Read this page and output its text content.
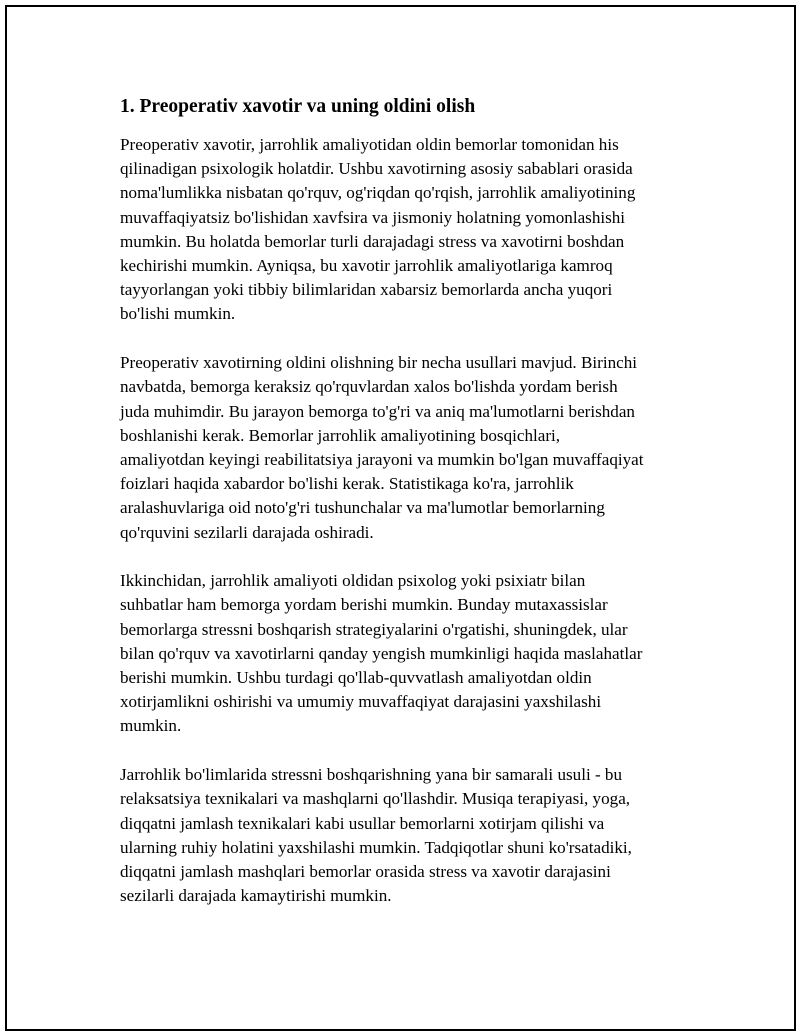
1. Preoperativ xavotir va uning oldini olish
Preoperativ xavotir, jarrohlik amaliyotidan oldin bemorlar tomonidan his
qilinadigan psixologik holatdir. Ushbu xavotirning asosiy sabablari orasida
noma'lumlikka nisbatan qo'rquv, og'riqdan qo'rqish, jarrohlik amaliyotining
muvaffaqiyatsiz bo'lishidan xavfsira va jismoniy holatning yomonlashishi
mumkin. Bu holatda bemorlar turli darajadagi stress va xavotirni boshdan
kechirishi mumkin. Ayniqsa, bu xavotir jarrohlik amaliyotlariga kamroq
tayyorlangan yoki tibbiy bilimlaridan xabarsiz bemorlarda ancha yuqori
bo'lishi mumkin.
Preoperativ xavotirning oldini olishning bir necha usullari mavjud. Birinchi
navbatda, bemorga keraksiz qo'rquvlardan xalos bo'lishda yordam berish
juda muhimdir. Bu jarayon bemorga to'g'ri va aniq ma'lumotlarni berishdan
boshlanishi kerak. Bemorlar jarrohlik amaliyotining bosqichlari,
amaliyotdan keyingi reabilitatsiya jarayoni va mumkin bo'lgan muvaffaqiyat
foizlari haqida xabardor bo'lishi kerak. Statistikaga ko'ra, jarrohlik
aralashuvlariga oid noto'g'ri tushunchalar va ma'lumotlar bemorlarning
qo'rquvini sezilarli darajada oshiradi.
Ikkinchidan, jarrohlik amaliyoti oldidan psixolog yoki psixiatr bilan
suhbatlar ham bemorga yordam berishi mumkin. Bunday mutaxassislar
bemorlarga stressni boshqarish strategiyalarini o'rgatishi, shuningdek, ular
bilan qo'rquv va xavotirlarni qanday yengish mumkinligi haqida maslahatlar
berishi mumkin. Ushbu turdagi qo'llab-quvvatlash amaliyotdan oldin
xotirjamlikni oshirishi va umumiy muvaffaqiyat darajasini yaxshilashi
mumkin.
Jarrohlik bo'limlarida stressni boshqarishning yana bir samarali usuli - bu
relaksatsiya texnikalari va mashqlarni qo'llashdir. Musiqa terapiyasi, yoga,
diqqatni jamlash texnikalari kabi usullar bemorlarni xotirjam qilishi va
ularning ruhiy holatini yaxshilashi mumkin. Tadqiqotlar shuni ko'rsatadiki,
diqqatni jamlash mashqlari bemorlar orasida stress va xavotir darajasini
sezilarli darajada kamaytirishi mumkin.
